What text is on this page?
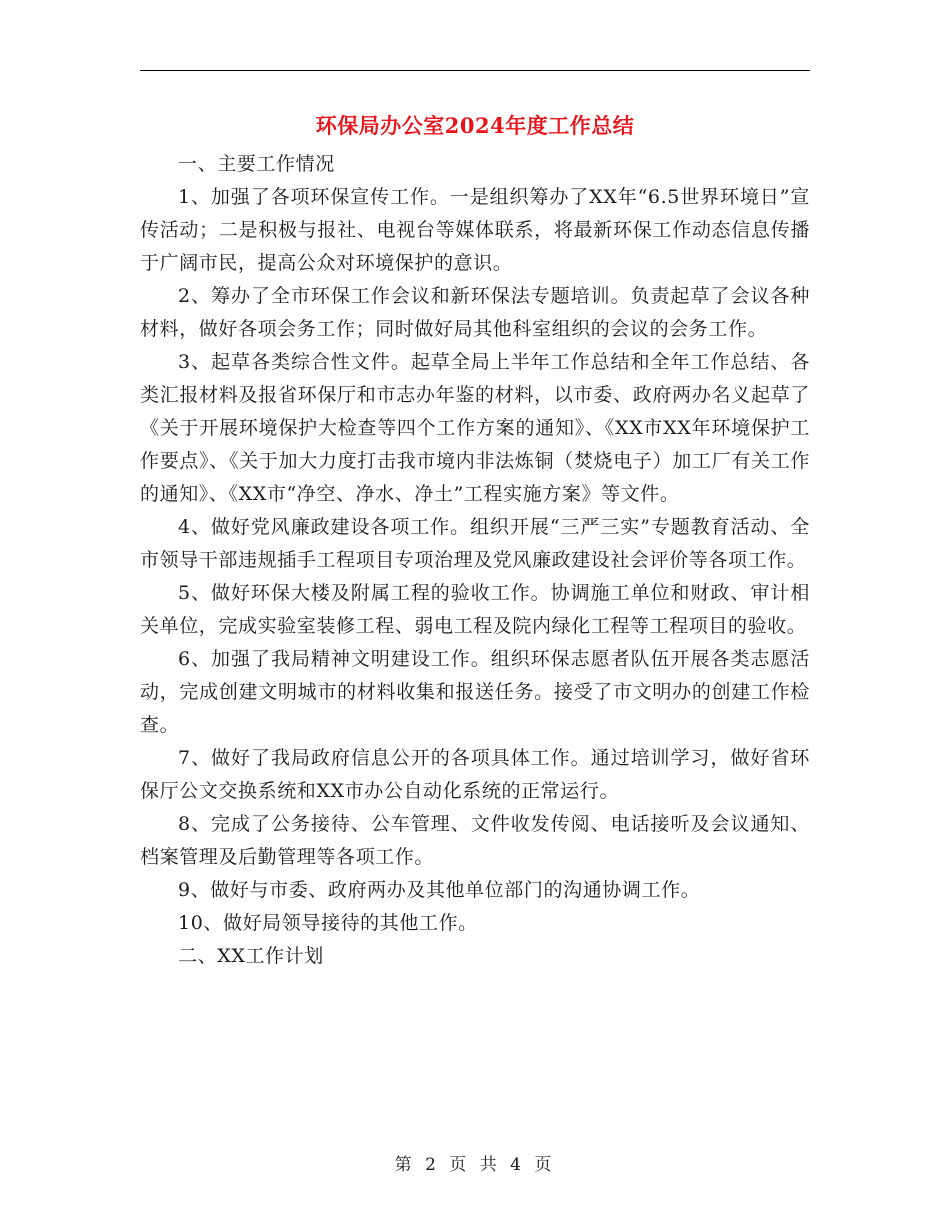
环保局办公室2024年度工作总结

一、主要工作情况

1、加强了各项环保宣传工作。一是组织筹办了XX年“6.5世界环境日”宣传活动；二是积极与报社、电视台等媒体联系，将最新环保工作动态信息传播于广阔市民，提高公众对环境保护的意识。

2、筹办了全市环保工作会议和新环保法专题培训。负责起草了会议各种材料，做好各项会务工作；同时做好局其他科室组织的会议的会务工作。

3、起草各类综合性文件。起草全局上半年工作总结和全年工作总结、各类汇报材料及报省环保厅和市志办年鉴的材料，以市委、政府两办名义起草了《关于开展环境保护大检查等四个工作方案的通知》、《XX市XX年环境保护工作要点》、《关于加大力度打击我市境内非法炼铜（焚烧电子）加工厂有关工作的通知》、《XX市“净空、净水、净土”工程实施方案》等文件。

4、做好党风廉政建设各项工作。组织开展“三严三实”专题教育活动、全市领导干部违规插手工程项目专项治理及党风廉政建设社会评价等各项工作。

5、做好环保大楼及附属工程的验收工作。协调施工单位和财政、审计相关单位，完成实验室装修工程、弱电工程及院内绿化工程等工程项目的验收。

6、加强了我局精神文明建设工作。组织环保志愿者队伍开展各类志愿活动，完成创建文明城市的材料收集和报送任务。接受了市文明办的创建工作检查。

7、做好了我局政府信息公开的各项具体工作。通过培训学习，做好省环保厅公文交换系统和XX市办公自动化系统的正常运行。

8、完成了公务接待、公车管理、文件收发传阅、电话接听及会议通知、档案管理及后勤管理等各项工作。

9、做好与市委、政府两办及其他单位部门的沟通协调工作。

10、做好局领导接待的其他工作。

二、XX工作计划

第 2 页 共 4 页
